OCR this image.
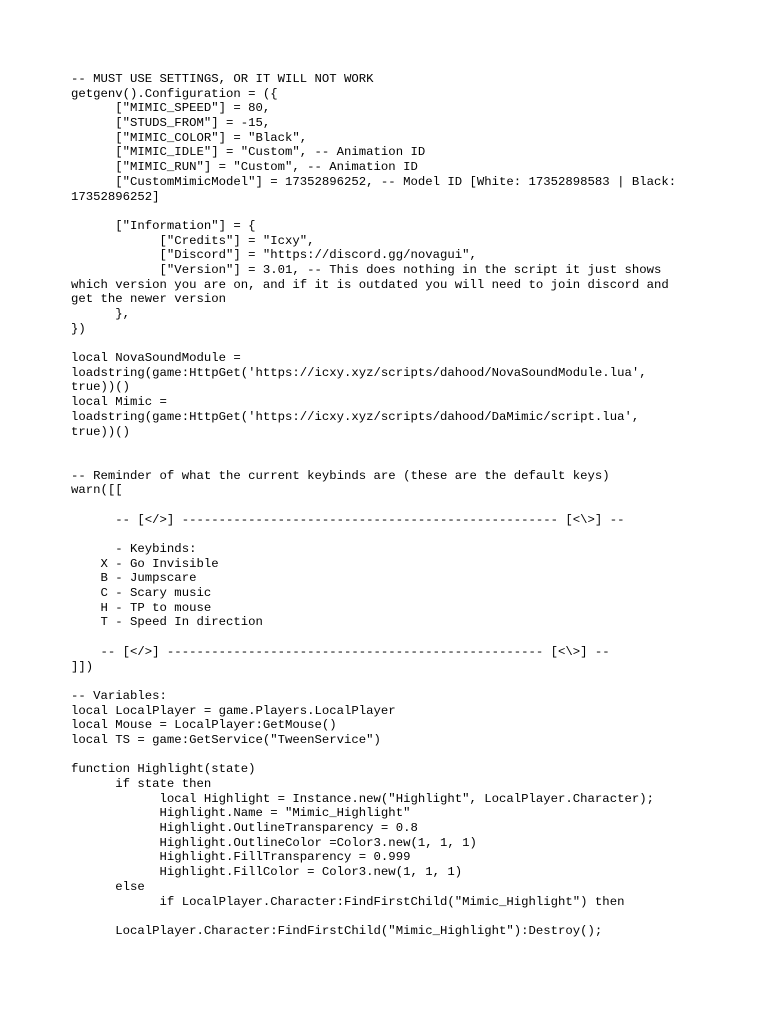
-- MUST USE SETTINGS, OR IT WILL NOT WORK
getgenv().Configuration = ({
["MIMIC_SPEED"] = 80,
["STUDS_FROM"] = -15,
["MIMIC_COLOR"] = "Black",
["MIMIC_IDLE"] = "Custom", -- Animation ID
["MIMIC_RUN"] = "Custom", -- Animation ID
["CustomMimicModel"] = 17352896252, -- Model ID [White: 17352898583 | Black:
17352896252]
["Information"] = {
["Credits"] = "Icxy",
["Discord"] = "https://discord.gg/novagui",
["Version"] = 3.01, -- This does nothing in the script it just shows
which version you are on, and if it is outdated you will need to join discord and
get the newer version
},
})
local NovaSoundModule =
loadstring(game:HttpGet('https://icxy.xyz/scripts/dahood/NovaSoundModule.lua',
true))()
local Mimic =
loadstring(game:HttpGet('https://icxy.xyz/scripts/dahood/DaMimic/script.lua',
true))()
-- Reminder of what the current keybinds are (these are the default keys)
warn([[
-- [</>] --------------------------------------------------- [<\>] --
- Keybinds:
X - Go Invisible
B - Jumpscare
C - Scary music
H - TP to mouse
T - Speed In direction
-- [</>] --------------------------------------------------- [<\>] --
]])
-- Variables:
local LocalPlayer = game.Players.LocalPlayer
local Mouse = LocalPlayer:GetMouse()
local TS = game:GetService("TweenService")
function Highlight(state)
if state then
local Highlight = Instance.new("Highlight", LocalPlayer.Character);
Highlight.Name = "Mimic_Highlight"
Highlight.OutlineTransparency = 0.8
Highlight.OutlineColor =Color3.new(1, 1, 1)
Highlight.FillTransparency = 0.999
Highlight.FillColor = Color3.new(1, 1, 1)
else
if LocalPlayer.Character:FindFirstChild("Mimic_Highlight") then
LocalPlayer.Character:FindFirstChild("Mimic_Highlight"):Destroy();
